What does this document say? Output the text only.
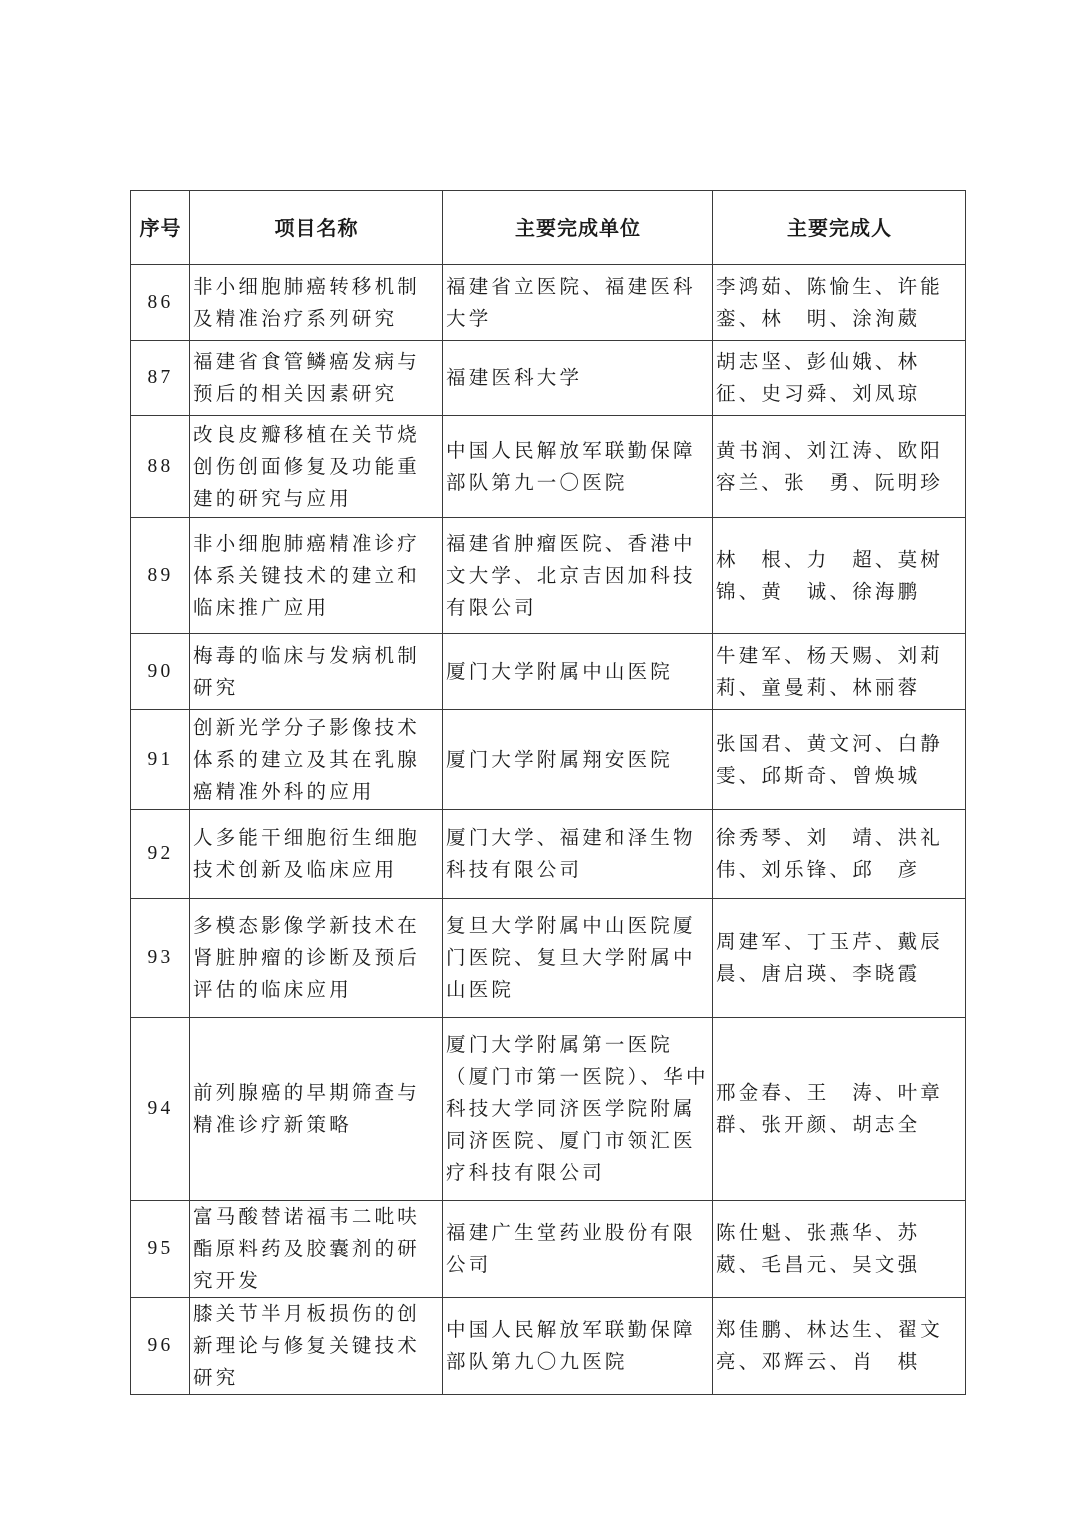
序号	项目名称	主要完成单位	主要完成人
86	非小细胞肺癌转移机制及精准治疗系列研究	福建省立医院、福建医科大学	李鸿茹、陈愉生、许能銮、林　明、涂洵葳
87	福建省食管鳞癌发病与预后的相关因素研究	福建医科大学	胡志坚、彭仙娥、林　征、史习舜、刘凤琼
88	改良皮瓣移植在关节烧创伤创面修复及功能重建的研究与应用	中国人民解放军联勤保障部队第九一〇医院	黄书润、刘江涛、欧阳容兰、张　勇、阮明珍
89	非小细胞肺癌精准诊疗体系关键技术的建立和临床推广应用	福建省肿瘤医院、香港中文大学、北京吉因加科技有限公司	林　根、力　超、莫树锦、黄　诚、徐海鹏
90	梅毒的临床与发病机制研究	厦门大学附属中山医院	牛建军、杨天赐、刘莉莉、童曼莉、林丽蓉
91	创新光学分子影像技术体系的建立及其在乳腺癌精准外科的应用	厦门大学附属翔安医院	张国君、黄文河、白静雯、邱斯奇、曾焕城
92	人多能干细胞衍生细胞技术创新及临床应用	厦门大学、福建和泽生物科技有限公司	徐秀琴、刘　靖、洪礼伟、刘乐锋、邱　彦
93	多模态影像学新技术在肾脏肿瘤的诊断及预后评估的临床应用	复旦大学附属中山医院厦门医院、复旦大学附属中山医院	周建军、丁玉芹、戴辰晨、唐启瑛、李晓霞
94	前列腺癌的早期筛查与精准诊疗新策略	厦门大学附属第一医院（厦门市第一医院）、华中科技大学同济医学院附属同济医院、厦门市领汇医疗科技有限公司	邢金春、王　涛、叶章群、张开颜、胡志全
95	富马酸替诺福韦二吡呋酯原料药及胶囊剂的研究开发	福建广生堂药业股份有限公司	陈仕魁、张燕华、苏　葳、毛昌元、吴文强
96	膝关节半月板损伤的创新理论与修复关键技术研究	中国人民解放军联勤保障部队第九〇九医院	郑佳鹏、林达生、翟文亮、邓辉云、肖　棋
